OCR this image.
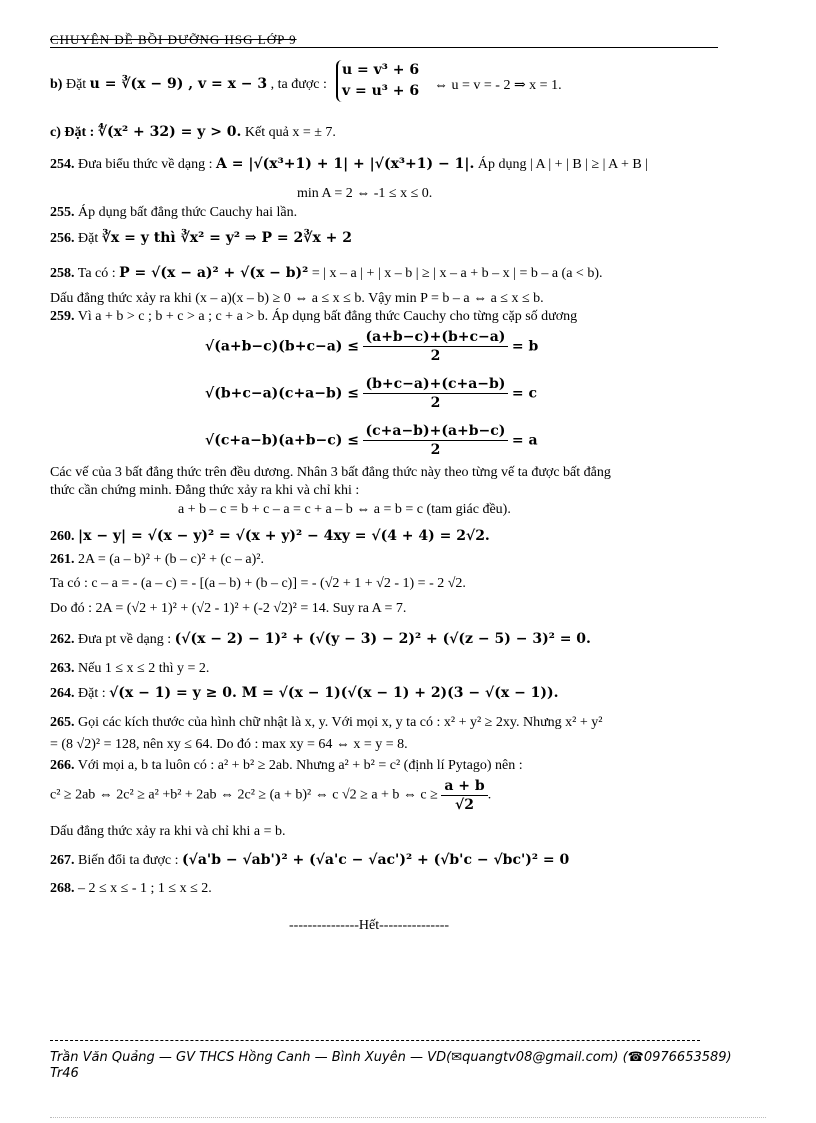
CHUYÊN ĐỀ BỒI DƯỠNG HSG LỚP 9
b) Đặt u = ∛(x − 9) , v = x − 3 , ta được :
u = v³ + 6
v = u³ + 6 ⇔ u = v = - 2 ⇒ x = 1.
c) Đặt : ∜(x² + 32) = y > 0. Kết quả x = ± 7.
254. Đưa biểu thức về dạng : A = |√(x³+1) + 1| + |√(x³+1) − 1|. Áp dụng | A | + | B | ≥ | A + B |
min A = 2 ⇔ -1 ≤ x ≤ 0.
255. Áp dụng bất đẳng thức Cauchy hai lần.
256. Đặt ∛x = y thì ∛x² = y² ⇒ P = 2∛x + 2
258. Ta có : P = √(x − a)² + √(x − b)² = | x – a | + | x – b | ≥ | x – a + b – x | = b – a (a < b).
Dấu đẳng thức xảy ra khi (x – a)(x – b) ≥ 0 ⇔ a ≤ x ≤ b. Vậy min P = b – a ⇔ a ≤ x ≤ b.
259. Vì a + b > c ; b + c > a ; c + a > b. Áp dụng bất đẳng thức Cauchy cho từng cặp số dương
$√(a+b-c)(b+c-a) \le \frac{(a+b-c)+(b+c-a)}{2} = b$
$√(b+c-a)(c+a-b) \le \frac{(b+c-a)+(c+a-b)}{2} = c$
$√(c+a-b)(a+b-c) \le \frac{(c+a-b)+(a+b-c)}{2} = a$
Các vế của 3 bất đẳng thức trên đều dương. Nhân 3 bất đẳng thức này theo từng vế ta được bất đẳng
thức cần chứng minh. Đẳng thức xảy ra khi và chỉ khi :
a + b – c = b + c – a = c + a – b ⇔ a = b = c (tam giác đều).
260. |x − y| = √(x − y)² = √(x + y)² − 4xy = √(4 + 4) = 2√2.
261. 2A = (a – b)² + (b – c)² + (c – a)².
Ta có : c – a = - (a – c) = - [(a – b) + (b – c)] = - (√2 + 1 + √2 - 1) = - 2 √2.
Do đó : 2A = (√2 + 1)² + (√2 - 1)² + (-2 √2)² = 14. Suy ra A = 7.
262. Đưa pt về dạng : (√(x − 2) − 1)² + (√(y − 3) − 2)² + (√(z − 5) − 3)² = 0.
263. Nếu 1 ≤ x ≤ 2 thì y = 2.
264. Đặt : √(x − 1) = y ≥ 0. M = √(x − 1)(√(x − 1) + 2)(3 − √(x − 1)).
265. Gọi các kích thước của hình chữ nhật là x, y. Với mọi x, y ta có : x² + y² ≥ 2xy. Nhưng x² + y²
= (8 √2)² = 128, nên xy ≤ 64. Do đó : max xy = 64 ⇔ x = y = 8.
266. Với mọi a, b ta luôn có : a² + b² ≥ 2ab. Nhưng a² + b² = c² (định lí Pytago) nên :
c² ≥ 2ab ⇔ 2c² ≥ a² +b² + 2ab ⇔ 2c² ≥ (a + b)² ⇔ c √2 ≥ a + b ⇔ $c \ge \frac{a + b}{√2}$ .
Dấu đẳng thức xảy ra khi và chỉ khi a = b.
267. Biến đổi ta được : (√a'b − √ab')² + (√a'c − √ac')² + (√b'c − √bc')² = 0
268. – 2 ≤ x ≤ - 1 ; 1 ≤ x ≤ 2.
---------------Hết---------------
Trần Văn Quảng — GV THCS Hồng Canh — Bình Xuyên — VD(✉quangtv08@gmail.com) (☎0976653589)
Tr46
